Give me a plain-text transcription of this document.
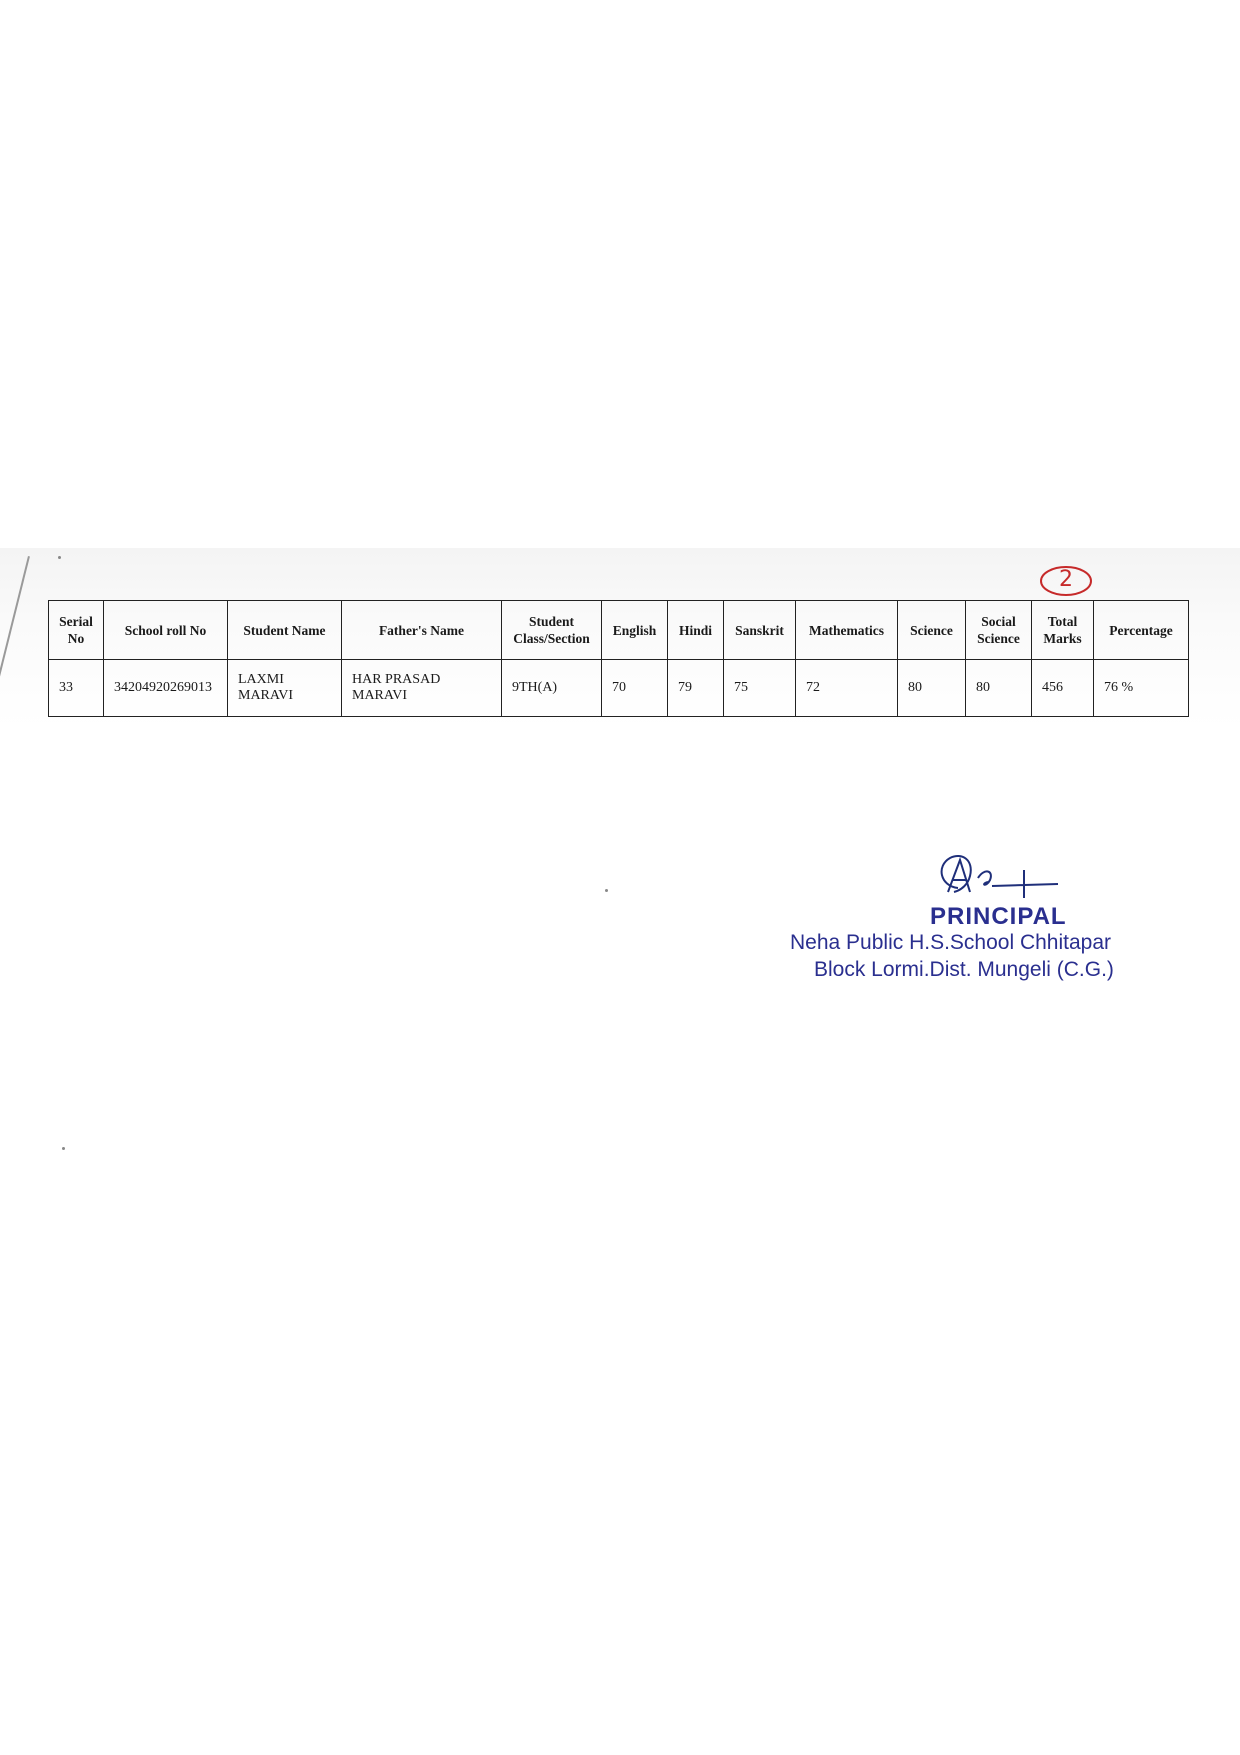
2
Serial No	School roll No	Student Name	Father's Name	Student Class/Section	English	Hindi	Sanskrit	Mathematics	Science	Social Science	Total Marks	Percentage
33	34204920269013	LAXMI MARAVI	HAR PRASAD MARAVI	9TH(A)	70	79	75	72	80	80	456	76 %
PRINCIPAL
Neha Public H.S.School Chhitapar
Block Lormi.Dist. Mungeli (C.G.)
